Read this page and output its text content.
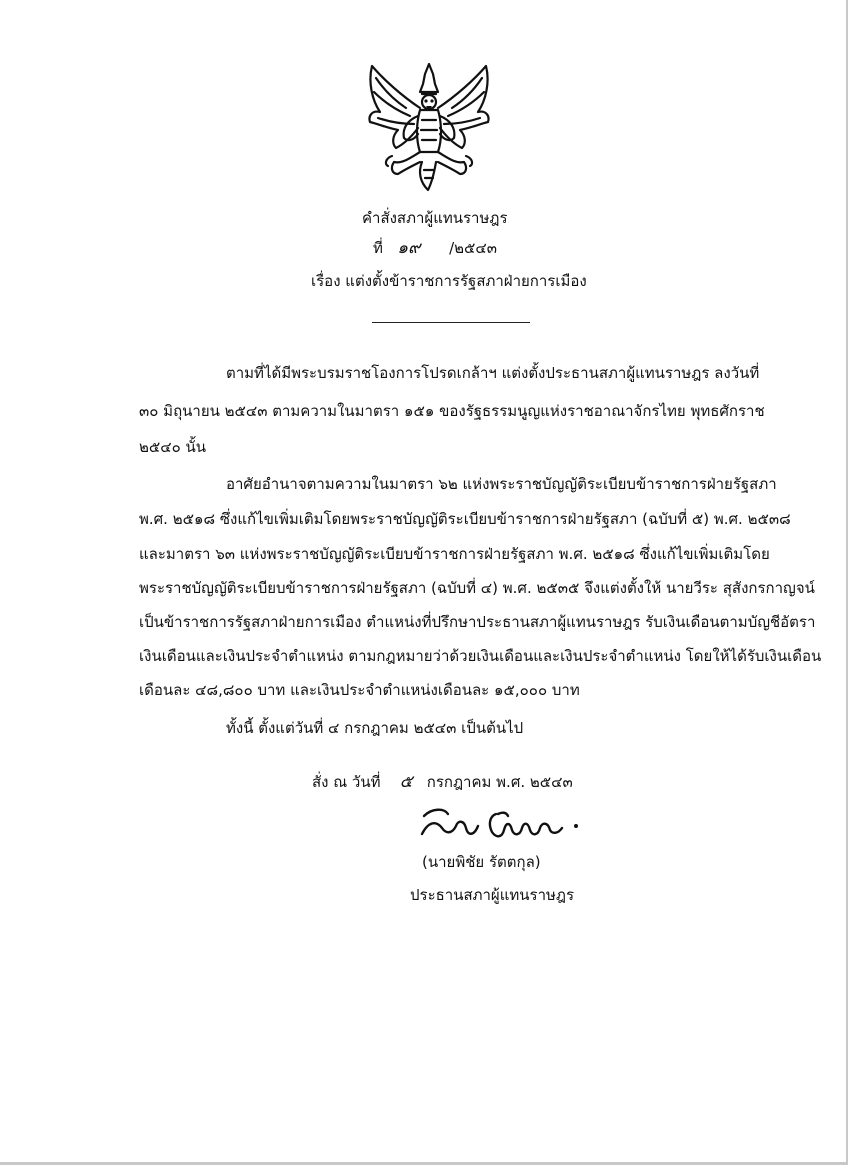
คำสั่งสภาผู้แทนราษฎร
ที่ ๑๙ /๒๕๔๓
เรื่อง แต่งตั้งข้าราชการรัฐสภาฝ่ายการเมือง
ตามที่ได้มีพระบรมราชโองการโปรดเกล้าฯ แต่งตั้งประธานสภาผู้แทนราษฎร ลงวันที่
๓๐ มิถุนายน ๒๕๔๓ ตามความในมาตรา ๑๕๑ ของรัฐธรรมนูญแห่งราชอาณาจักรไทย พุทธศักราช
๒๕๔๐ นั้น
อาศัยอำนาจตามความในมาตรา ๖๒ แห่งพระราชบัญญัติระเบียบข้าราชการฝ่ายรัฐสภา
พ.ศ. ๒๕๑๘ ซึ่งแก้ไขเพิ่มเติมโดยพระราชบัญญัติระเบียบข้าราชการฝ่ายรัฐสภา (ฉบับที่ ๕) พ.ศ. ๒๕๓๘
และมาตรา ๖๓ แห่งพระราชบัญญัติระเบียบข้าราชการฝ่ายรัฐสภา พ.ศ. ๒๕๑๘ ซึ่งแก้ไขเพิ่มเติมโดย
พระราชบัญญัติระเบียบข้าราชการฝ่ายรัฐสภา (ฉบับที่ ๔) พ.ศ. ๒๕๓๕ จึงแต่งตั้งให้ นายวีระ สุสังกรกาญจน์
เป็นข้าราชการรัฐสภาฝ่ายการเมือง ตำแหน่งที่ปรึกษาประธานสภาผู้แทนราษฎร รับเงินเดือนตามบัญชีอัตรา
เงินเดือนและเงินประจำตำแหน่ง ตามกฎหมายว่าด้วยเงินเดือนและเงินประจำตำแหน่ง โดยให้ได้รับเงินเดือน
เดือนละ ๔๘,๘๐๐ บาท และเงินประจำตำแหน่งเดือนละ ๑๕,๐๐๐ บาท
ทั้งนี้ ตั้งแต่วันที่ ๔ กรกฎาคม ๒๕๔๓ เป็นต้นไป
สั่ง ณ วันที่ ๕ กรกฎาคม พ.ศ. ๒๕๔๓
(นายพิชัย รัตตกุล)
ประธานสภาผู้แทนราษฎร
